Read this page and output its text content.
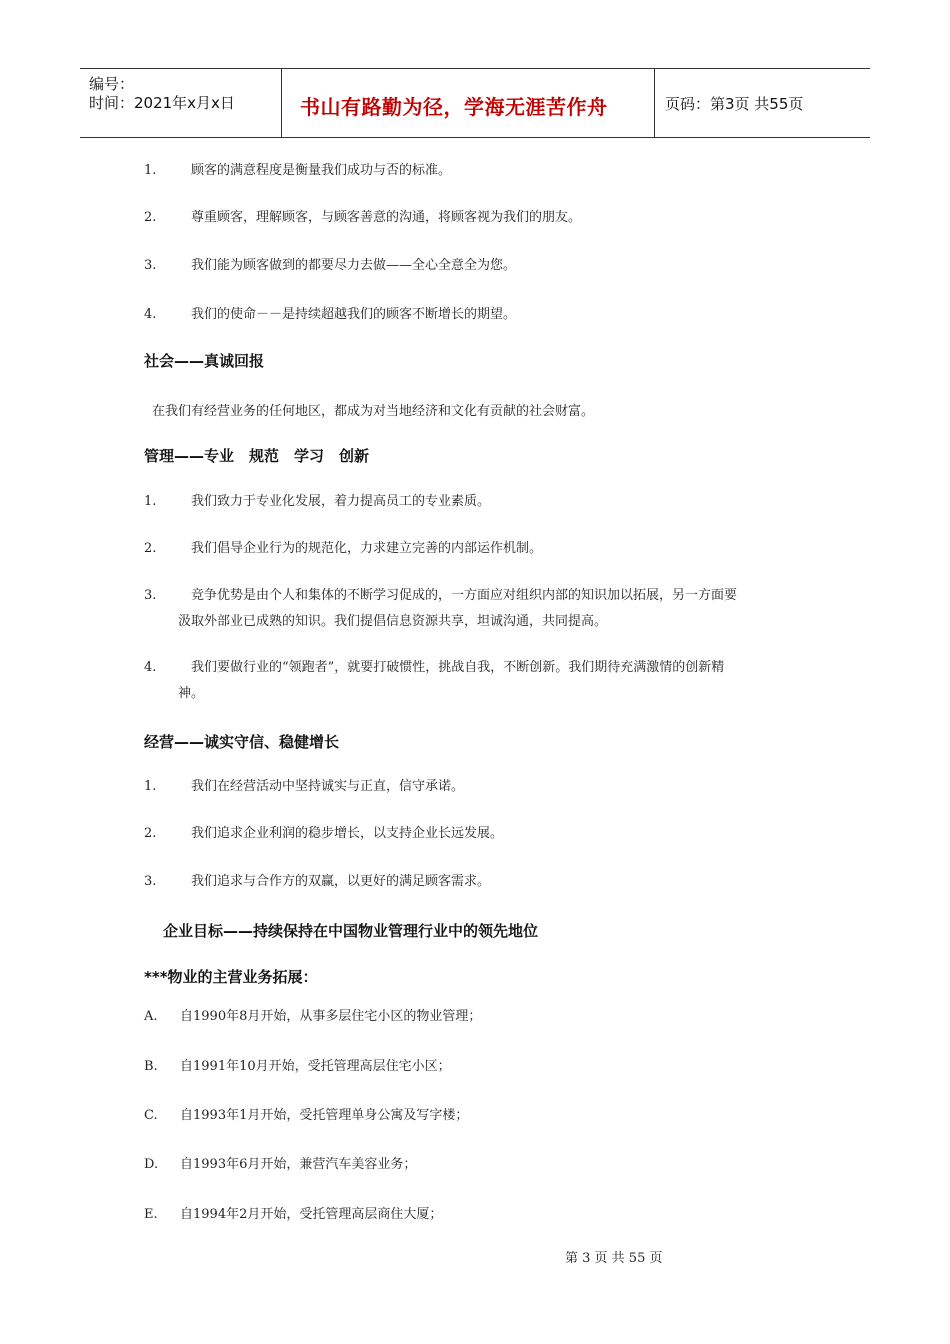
编号：
时间：2021年x月x日	书山有路勤为径，学海无涯苦作舟	页码：第3页 共55页
1.	顾客的满意程度是衡量我们成功与否的标准。
2.	尊重顾客，理解顾客，与顾客善意的沟通，将顾客视为我们的朋友。
3.	我们能为顾客做到的都要尽力去做——全心全意全为您。
4.	我们的使命－－是持续超越我们的顾客不断增长的期望。
社会——真诚回报
在我们有经营业务的任何地区，都成为对当地经济和文化有贡献的社会财富。
管理——专业　规范　学习　创新
1.	我们致力于专业化发展，着力提高员工的专业素质。
2.	我们倡导企业行为的规范化，力求建立完善的内部运作机制。
3.	竞争优势是由个人和集体的不断学习促成的，一方面应对组织内部的知识加以拓展，另一方面要
汲取外部业已成熟的知识。我们提倡信息资源共享，坦诚沟通，共同提高。
4.	我们要做行业的“领跑者”，就要打破惯性，挑战自我，不断创新。我们期待充满激情的创新精
神。
经营——诚实守信、稳健增长
1.	我们在经营活动中坚持诚实与正直，信守承诺。
2.	我们追求企业利润的稳步增长，以支持企业长远发展。
3.	我们追求与合作方的双赢，以更好的满足顾客需求。
企业目标——持续保持在中国物业管理行业中的领先地位
***物业的主营业务拓展：
A. 自1990年8月开始，从事多层住宅小区的物业管理；
B. 自1991年10月开始，受托管理高层住宅小区；
C. 自1993年1月开始，受托管理单身公寓及写字楼；
D. 自1993年6月开始，兼营汽车美容业务；
E. 自1994年2月开始，受托管理高层商住大厦；
第 3 页 共 55 页
